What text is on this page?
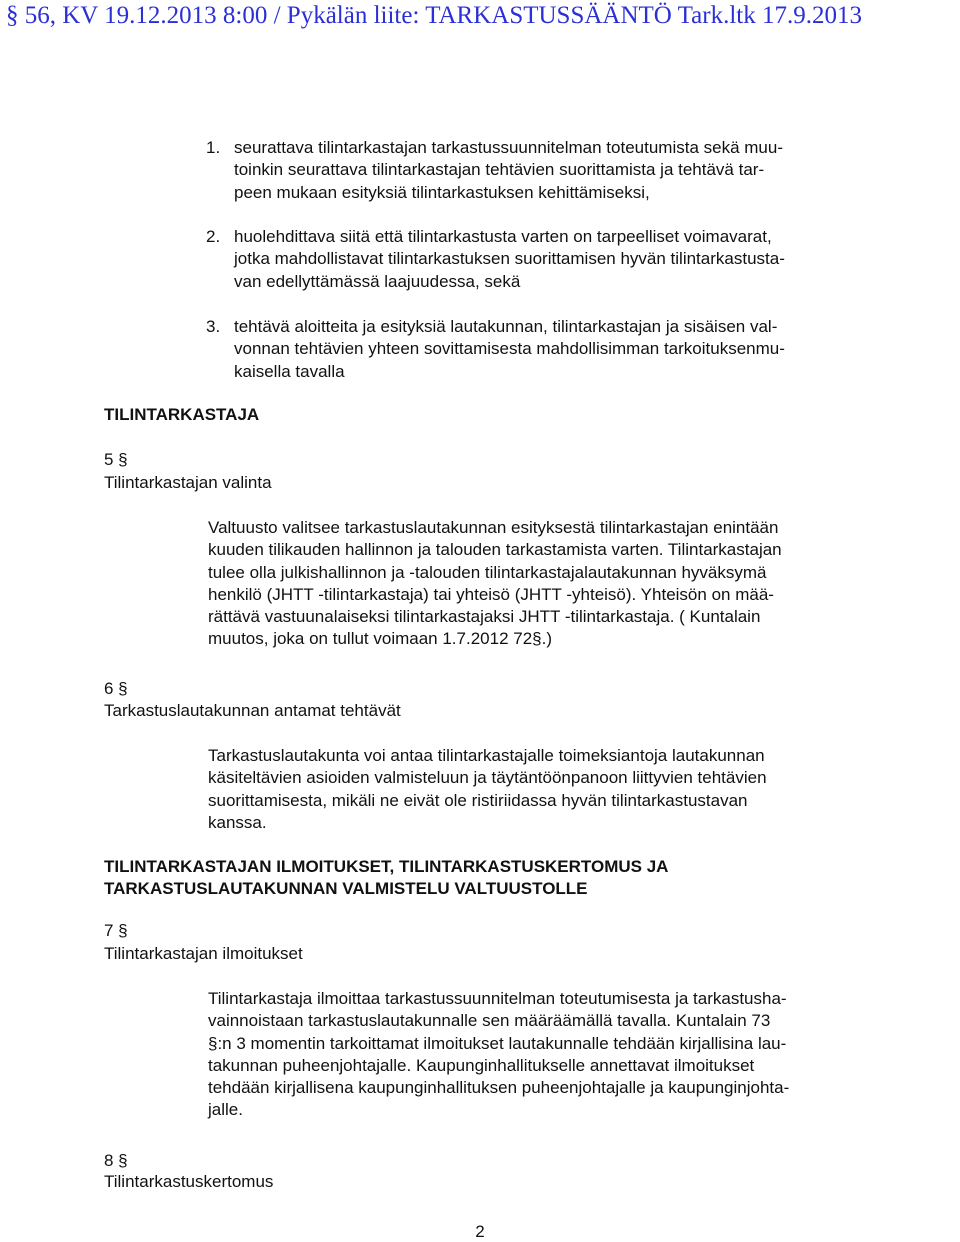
§ 56, KV 19.12.2013 8:00 / Pykälän liite: TARKASTUSSÄÄNTÖ Tark.ltk 17.9.2013
1. seurattava tilintarkastajan tarkastussuunnitelman toteutumista sekä muu-
toinkin seurattava tilintarkastajan tehtävien suorittamista ja tehtävä tar-
peen mukaan esityksiä tilintarkastuksen kehittämiseksi,
2. huolehdittava siitä että tilintarkastusta varten on tarpeelliset voimavarat,
jotka mahdollistavat tilintarkastuksen suorittamisen hyvän tilintarkastusta-
van edellyttämässä laajuudessa, sekä
3. tehtävä aloitteita ja esityksiä lautakunnan, tilintarkastajan ja sisäisen val-
vonnan tehtävien yhteen sovittamisesta mahdollisimman tarkoituksenmu-
kaisella tavalla
TILINTARKASTAJA
5 §
Tilintarkastajan valinta
Valtuusto valitsee tarkastuslautakunnan esityksestä tilintarkastajan enintään
kuuden tilikauden hallinnon ja talouden tarkastamista varten. Tilintarkastajan
tulee olla julkishallinnon ja -talouden tilintarkastajalautakunnan hyväksymä
henkilö (JHTT -tilintarkastaja) tai yhteisö (JHTT -yhteisö). Yhteisön on mää-
rättävä vastuunalaiseksi tilintarkastajaksi JHTT -tilintarkastaja. ( Kuntalain
muutos, joka on tullut voimaan 1.7.2012 72§.)
6 §
Tarkastuslautakunnan antamat tehtävät
Tarkastuslautakunta voi antaa tilintarkastajalle toimeksiantoja lautakunnan
käsiteltävien asioiden valmisteluun ja täytäntöönpanoon liittyvien tehtävien
suorittamisesta, mikäli ne eivät ole ristiriidassa hyvän tilintarkastustavan
kanssa.
TILINTARKASTAJAN ILMOITUKSET, TILINTARKASTUSKERTOMUS JA
TARKASTUSLAUTAKUNNAN VALMISTELU VALTUUSTOLLE
7 §
Tilintarkastajan ilmoitukset
Tilintarkastaja ilmoittaa tarkastussuunnitelman toteutumisesta ja tarkastusha-
vainnoistaan tarkastuslautakunnalle sen määräämällä tavalla. Kuntalain 73
§:n 3 momentin tarkoittamat ilmoitukset lautakunnalle tehdään kirjallisina lau-
takunnan puheenjohtajalle. Kaupunginhallitukselle annettavat ilmoitukset
tehdään kirjallisena kaupunginhallituksen puheenjohtajalle ja kaupunginjohta-
jalle.
8 §
Tilintarkastuskertomus
2
